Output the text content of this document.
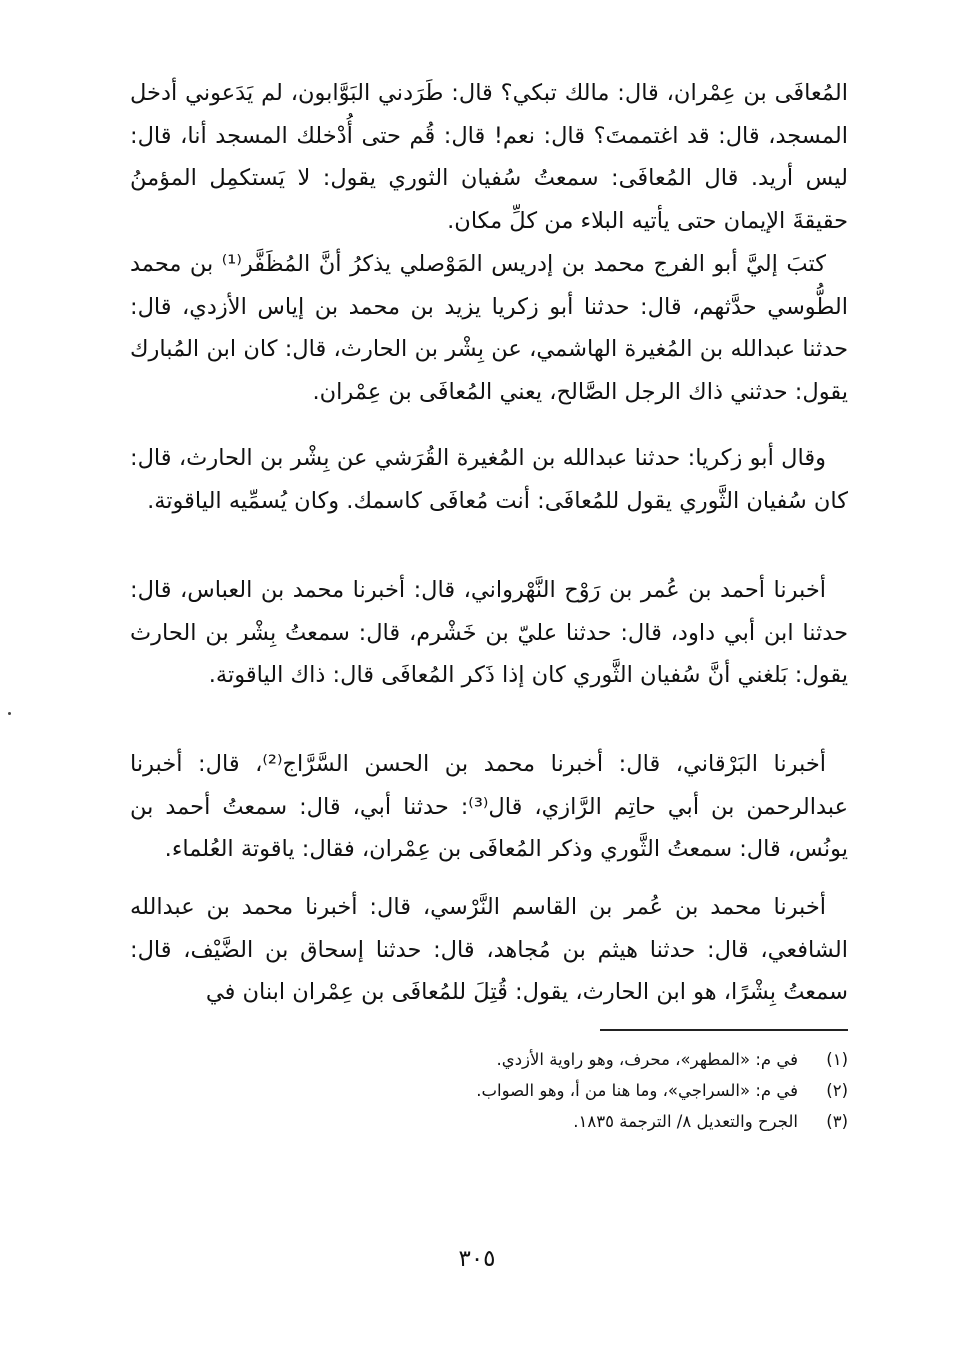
المُعافَى بن عِمْران، قال: مالك تبكي؟ قال: طَرَدني البَوَّابون، لم يَدَعوني أدخل المسجد، قال: قد اغتممتَ؟ قال: نعم! قال: قُم حتى أُدْخلك المسجد أنا، قال: ليس أريد. قال المُعافَى: سمعتُ سُفيان الثوري يقول: لا يَستكمِل المؤمنُ حقيقةَ الإيمان حتى يأتيه البلاء من كلِّ مكان.

كتبَ إليَّ أبو الفرج محمد بن إدريس المَوْصلي يذكرُ أنَّ المُظَفَّر⁽¹⁾ بن محمد الطُّوسي حدَّثهم، قال: حدثنا أبو زكريا يزيد بن محمد بن إياس الأزدي، قال: حدثنا عبدالله بن المُغيرة الهاشمي، عن بِشْر بن الحارث، قال: كان ابن المُبارك يقول: حدثني ذاك الرجل الصَّالح، يعني المُعافَى بن عِمْران.

وقال أبو زكريا: حدثنا عبدالله بن المُغيرة القُرَشي عن بِشْر بن الحارث، قال: كان سُفيان الثَّوري يقول للمُعافَى: أنت مُعافَى كاسمك. وكان يُسمِّيه الياقوتة.

أخبرنا أحمد بن عُمر بن رَوْح النَّهْرواني، قال: أخبرنا محمد بن العباس، قال: حدثنا ابن أبي داود، قال: حدثنا عليّ بن خَشْرم، قال: سمعتُ بِشْر بن الحارث يقول: بَلغني أنَّ سُفيان الثَّوري كان إذا ذَكر المُعافَى قال: ذاك الياقوتة.

أخبرنا البَرْقاني، قال: أخبرنا محمد بن الحسن السَّرَّاج⁽²⁾، قال: أخبرنا عبدالرحمن بن أبي حاتِم الرَّازي، قال⁽³⁾: حدثنا أبي، قال: سمعتُ أحمد بن يونُس، قال: سمعتُ الثَّوري وذكر المُعافَى بن عِمْران، فقال: ياقوتة العُلماء.

أخبرنا محمد بن عُمر بن القاسم النَّرْسي، قال: أخبرنا محمد بن عبدالله الشافعي، قال: حدثنا هيثم بن مُجاهد، قال: حدثنا إسحاق بن الضَّيْف، قال: سمعتُ بِشْرًا، هو ابن الحارث، يقول: قُتِلَ للمُعافَى بن عِمْران ابنان في

(١)في م: «المطهر»، محرف، وهو راوية الأزدي.
(٢)في م: «السراجي»، وما هنا من أ، وهو الصواب.
(٣)الجرح والتعديل ٨/ الترجمة ١٨٣٥.
٣٠٥
